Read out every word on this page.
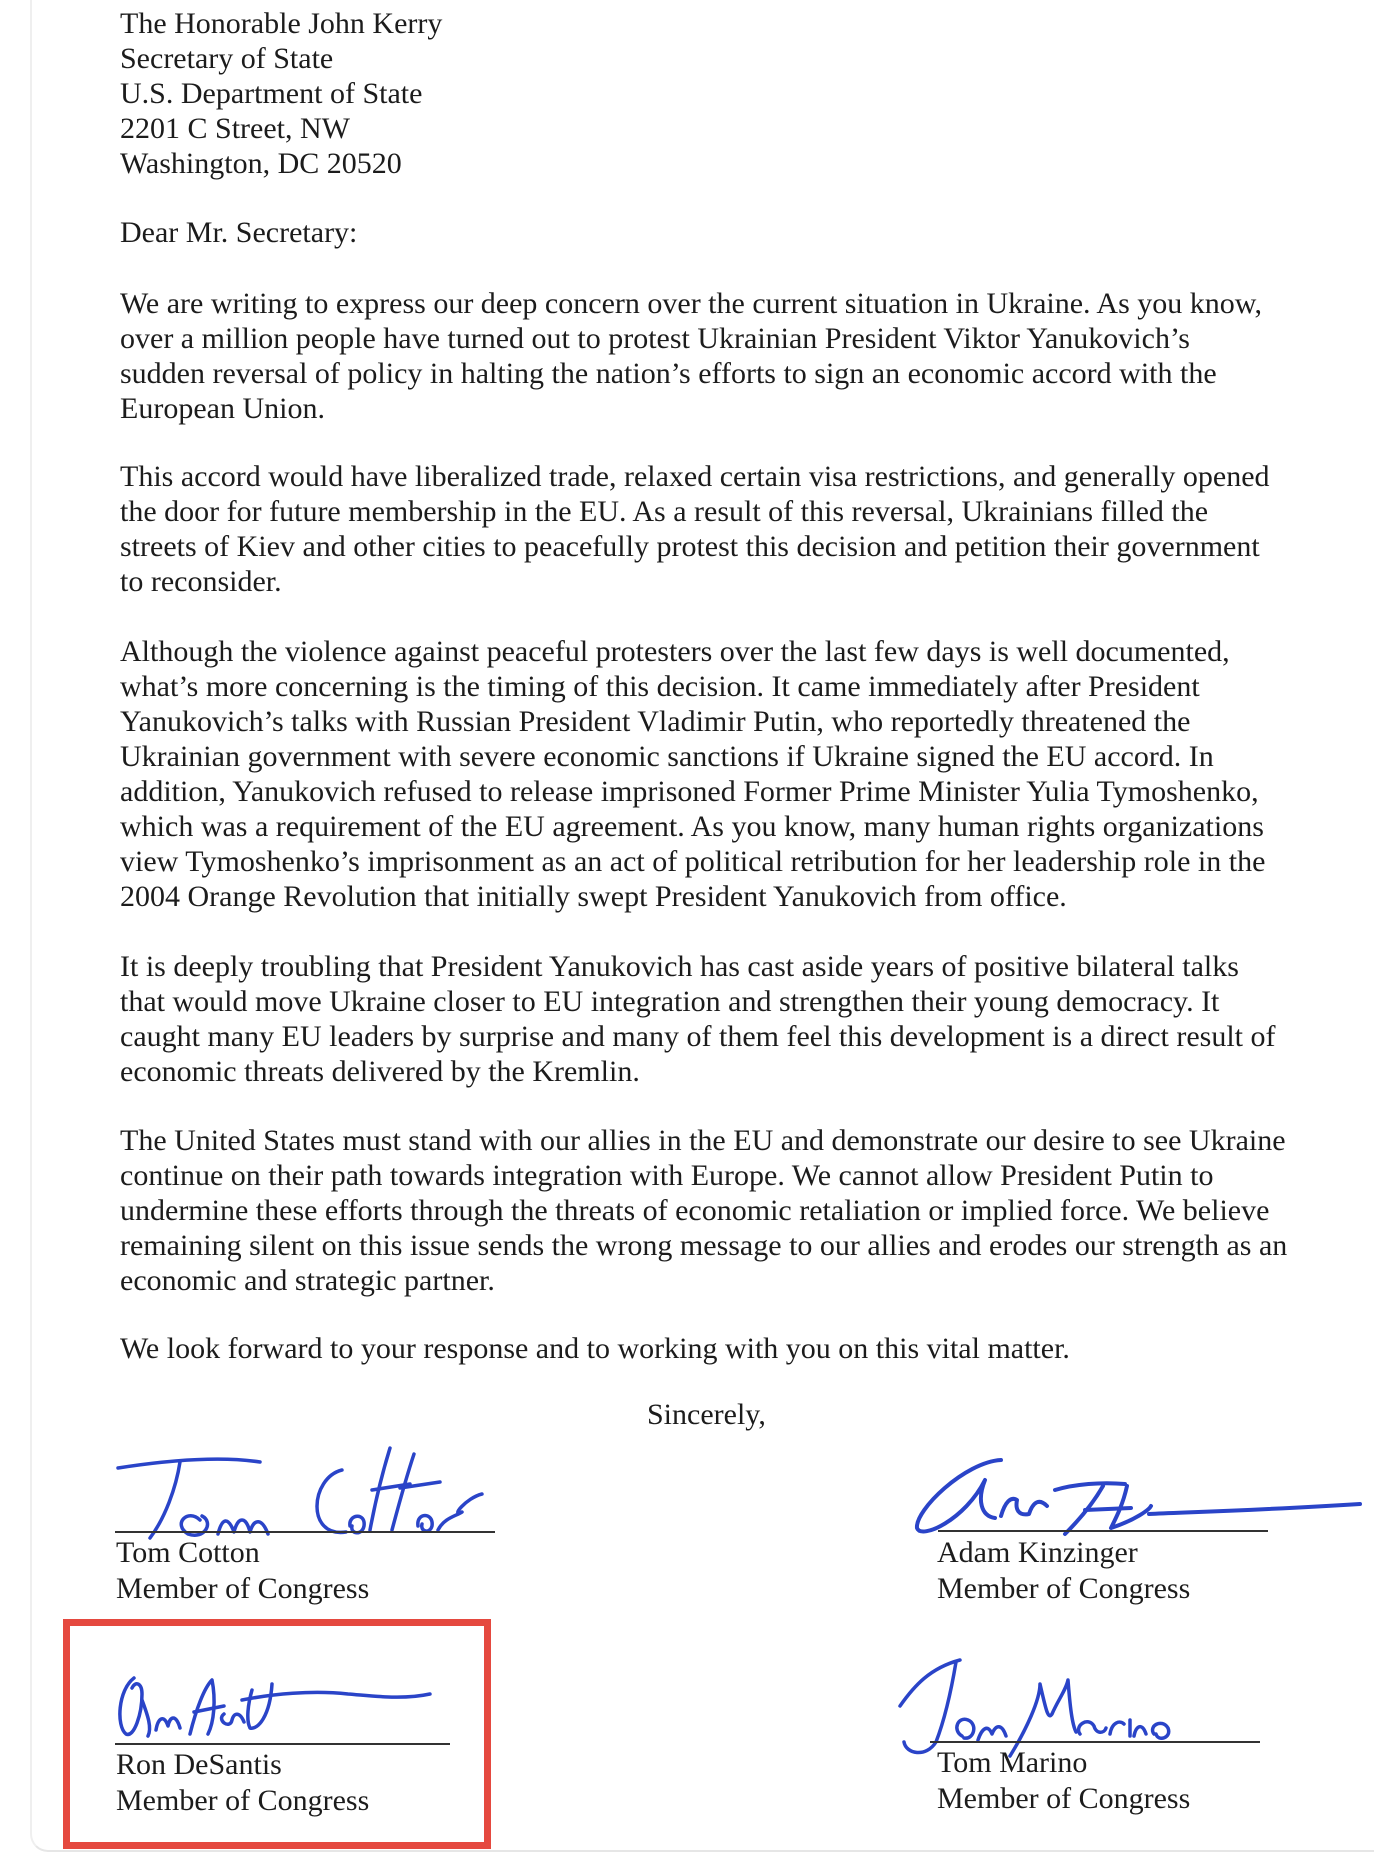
The Honorable John Kerry
Secretary of State
U.S. Department of State
2201 C Street, NW
Washington, DC 20520
Dear Mr. Secretary:
We are writing to express our deep concern over the current situation in Ukraine. As you know,
over a million people have turned out to protest Ukrainian President Viktor Yanukovich’s
sudden reversal of policy in halting the nation’s efforts to sign an economic accord with the
European Union.
This accord would have liberalized trade, relaxed certain visa restrictions, and generally opened
the door for future membership in the EU. As a result of this reversal, Ukrainians filled the
streets of Kiev and other cities to peacefully protest this decision and petition their government
to reconsider.
Although the violence against peaceful protesters over the last few days is well documented,
what’s more concerning is the timing of this decision. It came immediately after President
Yanukovich’s talks with Russian President Vladimir Putin, who reportedly threatened the
Ukrainian government with severe economic sanctions if Ukraine signed the EU accord. In
addition, Yanukovich refused to release imprisoned Former Prime Minister Yulia Tymoshenko,
which was a requirement of the EU agreement. As you know, many human rights organizations
view Tymoshenko’s imprisonment as an act of political retribution for her leadership role in the
2004 Orange Revolution that initially swept President Yanukovich from office.
It is deeply troubling that President Yanukovich has cast aside years of positive bilateral talks
that would move Ukraine closer to EU integration and strengthen their young democracy. It
caught many EU leaders by surprise and many of them feel this development is a direct result of
economic threats delivered by the Kremlin.
The United States must stand with our allies in the EU and demonstrate our desire to see Ukraine
continue on their path towards integration with Europe. We cannot allow President Putin to
undermine these efforts through the threats of economic retaliation or implied force. We believe
remaining silent on this issue sends the wrong message to our allies and erodes our strength as an
economic and strategic partner.
We look forward to your response and to working with you on this vital matter.
Sincerely,
Tom Cotton
Member of Congress
Adam Kinzinger
Member of Congress
Ron DeSantis
Member of Congress
Tom Marino
Member of Congress
